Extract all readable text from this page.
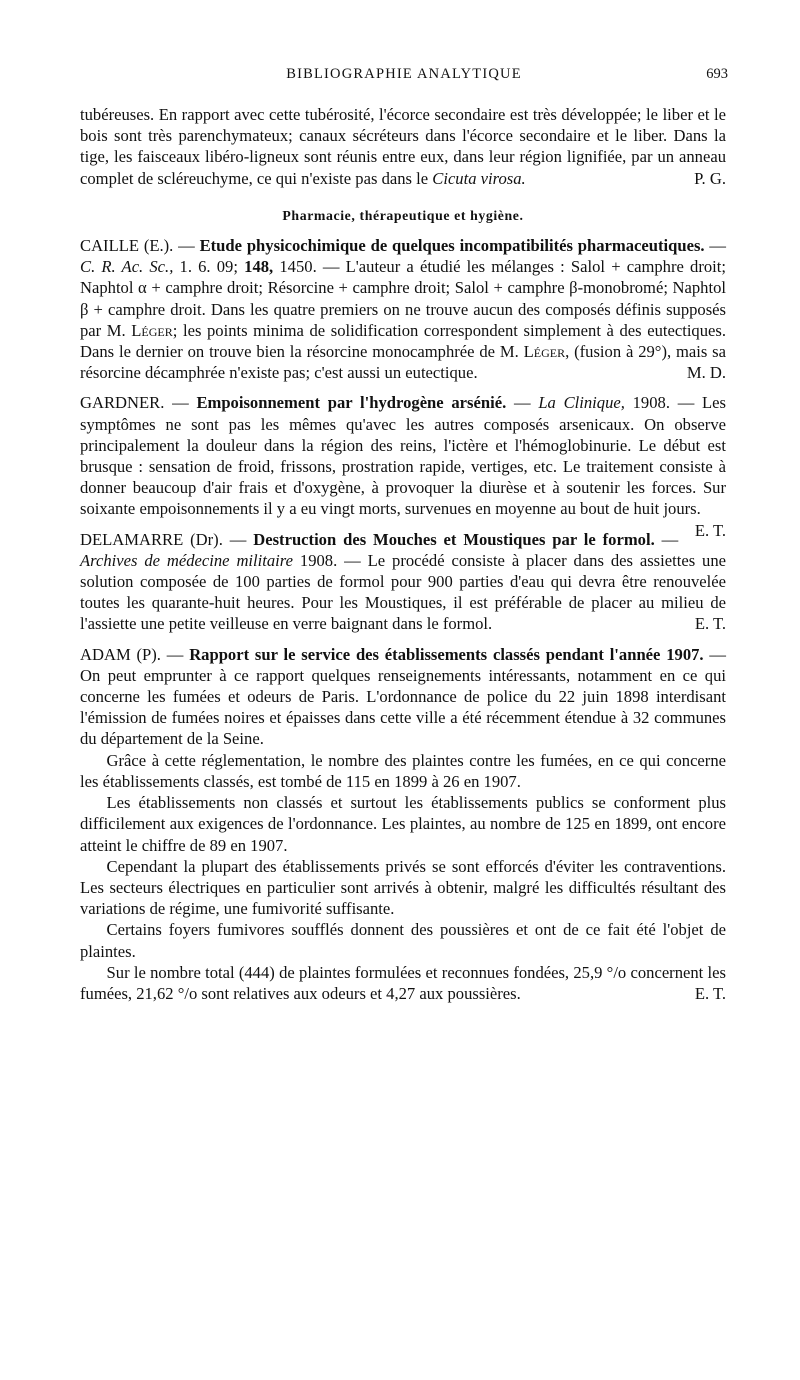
BIBLIOGRAPHIE ANALYTIQUE	693

tubéreuses. En rapport avec cette tubérosité, l'écorce secondaire est très développée; le liber et le bois sont très parenchymateux; canaux sécréteurs dans l'écorce secondaire et le liber. Dans la tige, les faisceaux libéro-ligneux sont réunis entre eux, dans leur région lignifiée, par un anneau complet de scléreuchyme, ce qui n'existe pas dans le Cicuta virosa.	P. G.

Pharmacie, thérapeutique et hygiène.

CAILLE (E.). — Etude physicochimique de quelques incompatibilités pharmaceutiques. — C. R. Ac. Sc., 1. 6. 09; 148, 1450. — L'auteur a étudié les mélanges : Salol + camphre droit; Naphtol α + camphre droit; Résorcine + camphre droit; Salol + camphre β-monobromé; Naphtol β + camphre droit. Dans les quatre premiers on ne trouve aucun des composés définis supposés par M. Léger; les points minima de solidification correspondent simplement à des eutectiques. Dans le dernier on trouve bien la résorcine monocamphrée de M. Léger, (fusion à 29°), mais sa résorcine décamphrée n'existe pas; c'est aussi un eutectique.	M. D.

GARDNER. — Empoisonnement par l'hydrogène arsénié. — La Clinique, 1908. — Les symptômes ne sont pas les mêmes qu'avec les autres composés arsenicaux. On observe principalement la douleur dans la région des reins, l'ictère et l'hémoglobinurie. Le début est brusque : sensation de froid, frissons, prostration rapide, vertiges, etc. Le traitement consiste à donner beaucoup d'air frais et d'oxygène, à provoquer la diurèse et à soutenir les forces. Sur soixante empoisonnements il y a eu vingt morts, survenues en moyenne au bout de huit jours.
E. T.

DELAMARRE (Dr). — Destruction des Mouches et Moustiques par le formol. — Archives de médecine militaire 1908. — Le procédé consiste à placer dans des assiettes une solution composée de 100 parties de formol pour 900 parties d'eau qui devra être renouvelée toutes les quarante-huit heures. Pour les Moustiques, il est préférable de placer au milieu de l'assiette une petite veilleuse en verre baignant dans le formol.	E. T.

ADAM (P). — Rapport sur le service des établissements classés pendant l'année 1907. — On peut emprunter à ce rapport quelques renseignements intéressants, notamment en ce qui concerne les fumées et odeurs de Paris. L'ordonnance de police du 22 juin 1898 interdisant l'émission de fumées noires et épaisses dans cette ville a été récemment étendue à 32 communes du département de la Seine.

Grâce à cette réglementation, le nombre des plaintes contre les fumées, en ce qui concerne les établissements classés, est tombé de 115 en 1899 à 26 en 1907.

Les établissements non classés et surtout les établissements publics se conforment plus difficilement aux exigences de l'ordonnance. Les plaintes, au nombre de 125 en 1899, ont encore atteint le chiffre de 89 en 1907.

Cependant la plupart des établissements privés se sont efforcés d'éviter les contraventions. Les secteurs électriques en particulier sont arrivés à obtenir, malgré les difficultés résultant des variations de régime, une fumivorité suffisante.

Certains foyers fumivores soufflés donnent des poussières et ont de ce fait été l'objet de plaintes.

Sur le nombre total (444) de plaintes formulées et reconnues fondées, 25,9 °/o concernent les fumées, 21,62 °/o sont relatives aux odeurs et 4,27 aux poussières.	E. T.
